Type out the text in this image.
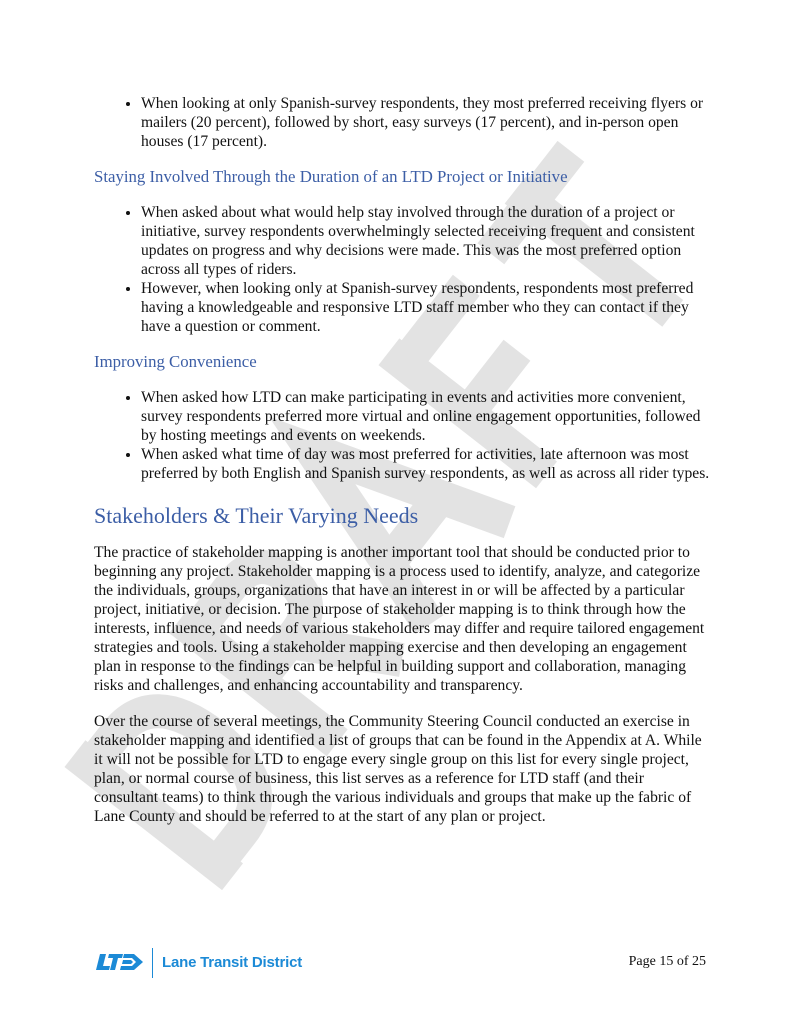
• When looking at only Spanish-survey respondents, they most preferred receiving flyers or mailers (20 percent), followed by short, easy surveys (17 percent), and in-person open houses (17 percent).
Staying Involved Through the Duration of an LTD Project or Initiative
• When asked about what would help stay involved through the duration of a project or initiative, survey respondents overwhelmingly selected receiving frequent and consistent updates on progress and why decisions were made. This was the most preferred option across all types of riders.
• However, when looking only at Spanish-survey respondents, respondents most preferred having a knowledgeable and responsive LTD staff member who they can contact if they have a question or comment.
Improving Convenience
• When asked how LTD can make participating in events and activities more convenient, survey respondents preferred more virtual and online engagement opportunities, followed by hosting meetings and events on weekends.
• When asked what time of day was most preferred for activities, late afternoon was most preferred by both English and Spanish survey respondents, as well as across all rider types.
Stakeholders & Their Varying Needs

The practice of stakeholder mapping is another important tool that should be conducted prior to beginning any project. Stakeholder mapping is a process used to identify, analyze, and categorize the individuals, groups, organizations that have an interest in or will be affected by a particular project, initiative, or decision. The purpose of stakeholder mapping is to think through how the interests, influence, and needs of various stakeholders may differ and require tailored engagement strategies and tools. Using a stakeholder mapping exercise and then developing an engagement plan in response to the findings can be helpful in building support and collaboration, managing risks and challenges, and enhancing accountability and transparency.

Over the course of several meetings, the Community Steering Council conducted an exercise in stakeholder mapping and identified a list of groups that can be found in the Appendix at A. While it will not be possible for LTD to engage every single group on this list for every single project, plan, or normal course of business, this list serves as a reference for LTD staff (and their consultant teams) to think through the various individuals and groups that make up the fabric of Lane County and should be referred to at the start of any plan or project.

Lane Transit District	Page 15 of 25
